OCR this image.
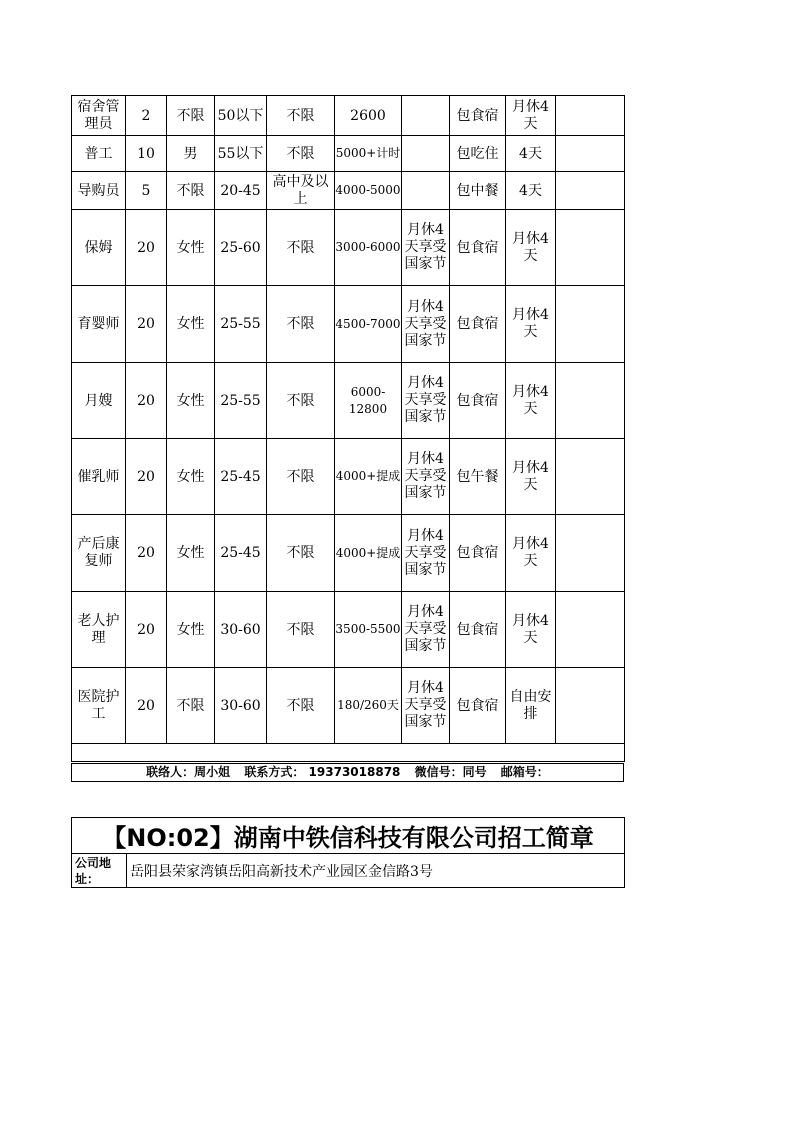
宿舍管理员	2	不限	50以下	不限	2600		包食宿	月休4天	
普工	10	男	55以下	不限	5000+计时		包吃住	4天	
导购员	5	不限	20-45	高中及以上	4000-5000		包中餐	4天	
保姆	20	女性	25-60	不限	3000-6000	月休4天享受国家节	包食宿	月休4天	
育婴师	20	女性	25-55	不限	4500-7000	月休4天享受国家节	包食宿	月休4天	
月嫂	20	女性	25-55	不限	6000-12800	月休4天享受国家节	包食宿	月休4天	
催乳师	20	女性	25-45	不限	4000+提成	月休4天享受国家节	包午餐	月休4天	
产后康复师	20	女性	25-45	不限	4000+提成	月休4天享受国家节	包食宿	月休4天	
老人护理	20	女性	30-60	不限	3500-5500	月休4天享受国家节	包食宿	月休4天	
医院护工	20	不限	30-60	不限	180/260天	月休4天享受国家节	包食宿	自由安排	

联络人：周小姐 联系方式： 19373018878 微信号：同号 邮箱号：
【NO:02】湖南中铁信科技有限公司招工简章
公司地址：	岳阳县荣家湾镇岳阳高新技术产业园区金信路3号
